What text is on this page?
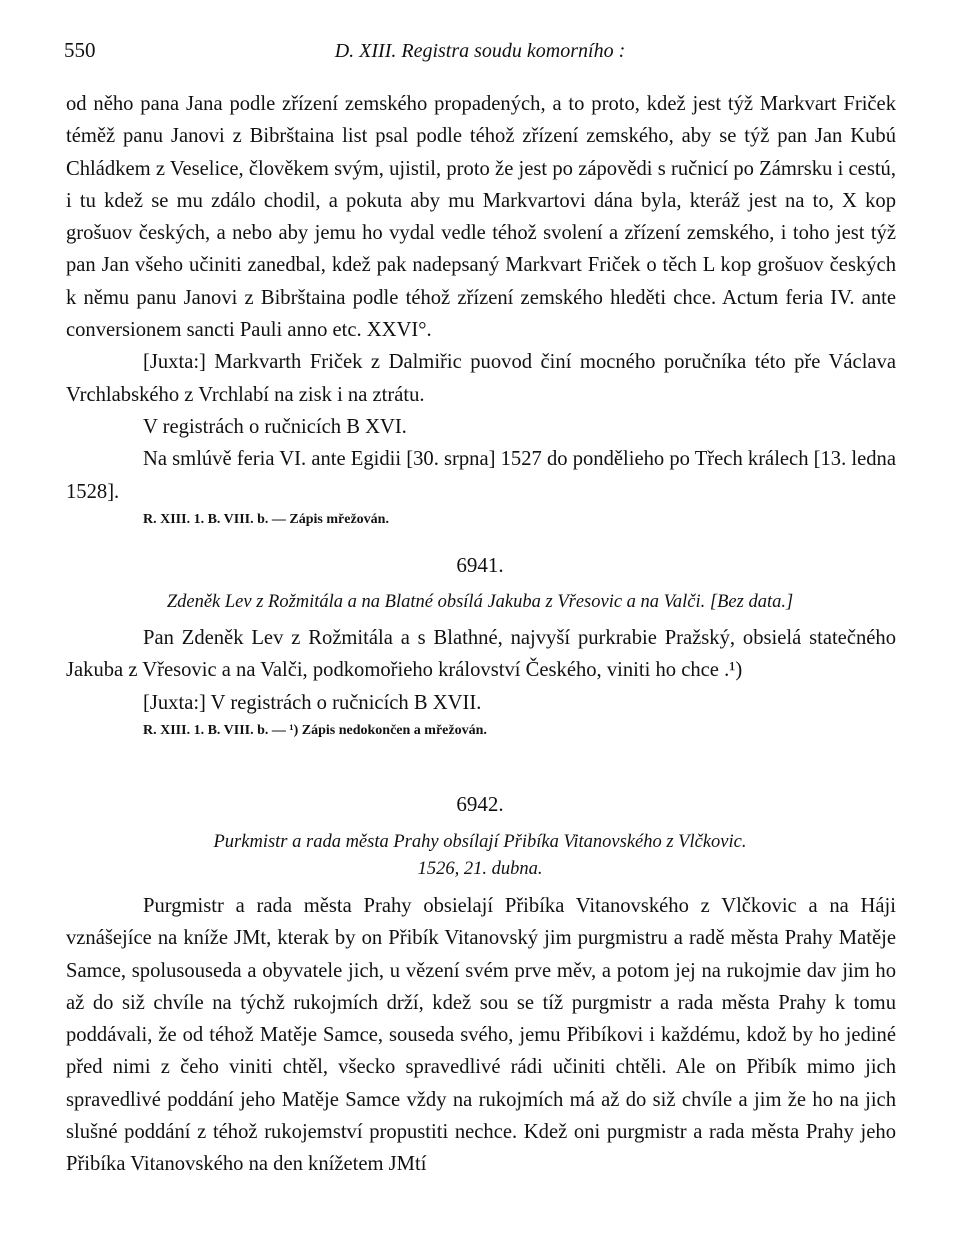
550	D. XIII. Registra soudu komorního :

od něho pana Jana podle zřízení zemského propadených, a to proto, kdež jest týž Markvart Friček téměž panu Janovi z Bibrštaina list psal podle téhož zřízení zemského, aby se týž pan Jan Kubú Chládkem z Veselice, člověkem svým, ujistil, proto že jest po zápovědi s ručnicí po Zámrsku i cestú, i tu kdež se mu zdálo chodil, a pokuta aby mu Markvartovi dána byla, kteráž jest na to, X kop grošuov českých, a nebo aby jemu ho vydal vedle téhož svolení a zřízení zemského, i toho jest týž pan Jan všeho učiniti zanedbal, kdež pak nadepsaný Markvart Friček o těch L kop grošuov českých k němu panu Janovi z Bibrštaina podle téhož zřízení zemského hleděti chce. Actum feria IV. ante conversionem sancti Pauli anno etc. XXVI°.

[Juxta:] Markvarth Friček z Dalmiřic puovod činí mocného poručníka této pře Václava Vrchlabského z Vrchlabí na zisk i na ztrátu.

V registrách o ručnicích B XVI.

Na smlúvě feria VI. ante Egidii [30. srpna] 1527 do pondělieho po Třech králech [13. ledna 1528].

R. XIII. 1. B. VIII. b. — Zápis mřežován.

6941.
Zdeněk Lev z Rožmitála a na Blatné obsílá Jakuba z Vřesovic a na Valči. [Bez data.]

Pan Zdeněk Lev z Rožmitála a s Blathné, najvyší purkrabie Pražský, obsielá statečného Jakuba z Vřesovic a na Valči, podkomořieho království Českého, viniti ho chce .¹)

[Juxta:] V registrách o ručnicích B XVII.

R. XIII. 1. B. VIII. b. — ¹) Zápis nedokončen a mřežován.

6942.
Purkmistr a rada města Prahy obsílají Přibíka Vitanovského z Vlčkovic.
1526, 21. dubna.

Purgmistr a rada města Prahy obsielají Přibíka Vitanovského z Vlčkovic a na Háji vznášejíce na kníže JMt, kterak by on Přibík Vitanovský jim purgmistru a radě města Prahy Matěje Samce, spolusouseda a obyvatele jich, u vězení svém prve měv, a potom jej na rukojmie dav jim ho až do siž chvíle na týchž rukojmích drží, kdež sou se tíž purgmistr a rada města Prahy k tomu poddávali, že od téhož Matěje Samce, souseda svého, jemu Přibíkovi i každému, kdož by ho jediné před nimi z čeho viniti chtěl, všecko spravedlivé rádi učiniti chtěli. Ale on Přibík mimo jich spravedlivé poddání jeho Matěje Samce vždy na rukojmích má až do siž chvíle a jim že ho na jich slušné poddání z téhož rukojemství propustiti nechce. Kdež oni purgmistr a rada města Prahy jeho Přibíka Vitanovského na den knížetem JMtí
